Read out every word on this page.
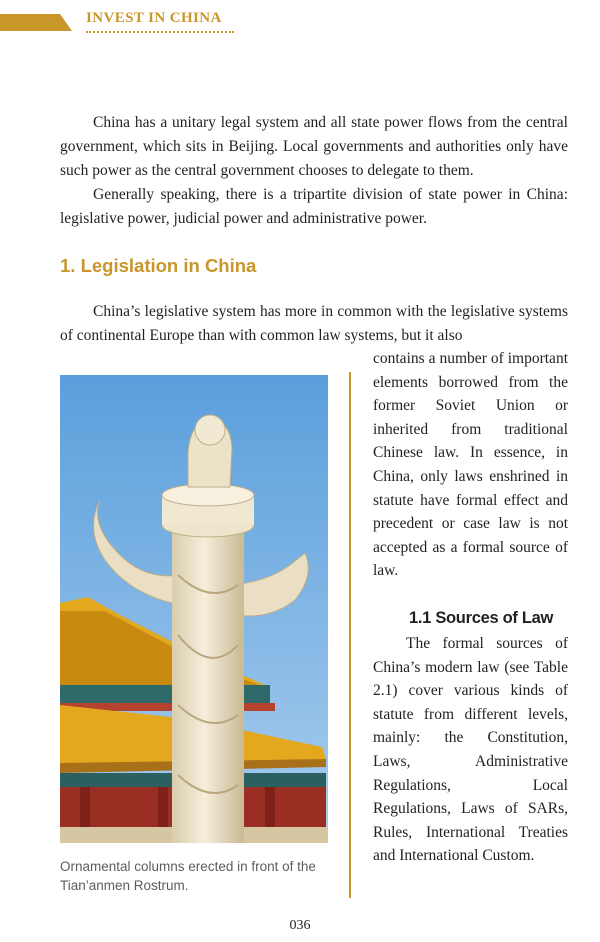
INVEST IN CHINA

China has a unitary legal system and all state power flows from the central government, which sits in Beijing. Local governments and authorities only have such power as the central government chooses to delegate to them.

Generally speaking, there is a tripartite division of state power in China: legislative power, judicial power and administrative power.

1. Legislation in China

China’s legislative system has more in common with the legislative systems of continental Europe than with common law systems, but it also

Ornamental columns erected in front of the Tian’anmen Rostrum.

contains a number of important elements borrowed from the former Soviet Union or inherited from traditional Chinese law. In essence, in China, only laws enshrined in statute have formal effect and precedent or case law is not accepted as a formal source of law.

1.1 Sources of Law

The formal sources of China’s modern law (see Table 2.1) cover various kinds of statute from different levels, mainly: the Constitution, Laws, Administrative Regulations, Local Regulations, Laws of SARs, Rules, International Treaties and International Custom.

036
